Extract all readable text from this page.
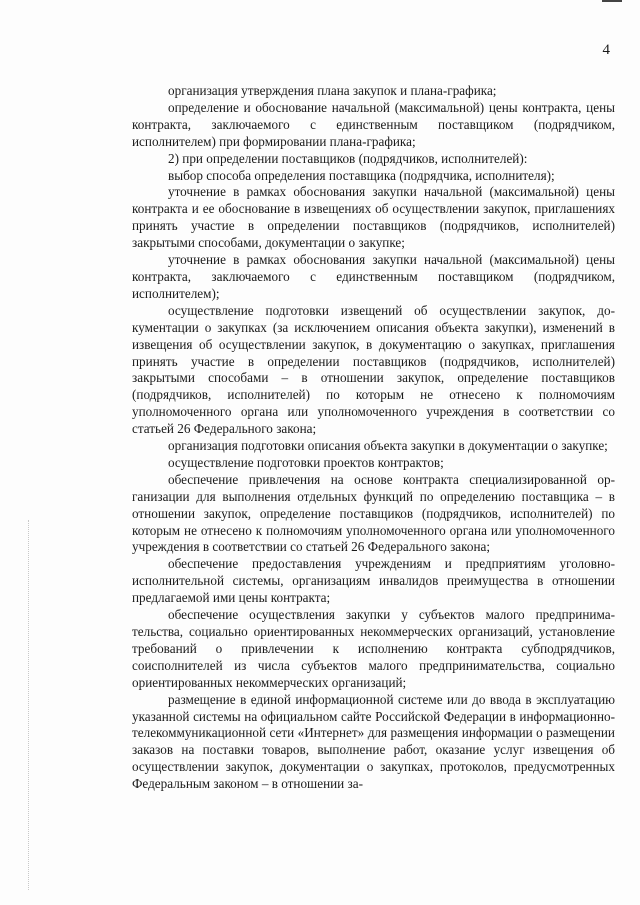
4

организация утверждения плана закупок и плана-графика;

определение и обоснование начальной (максимальной) цены контракта, цены контракта, заключаемого с единственным поставщиком (подрядчиком, исполнителем) при формировании плана-графика;

2) при определении поставщиков (подрядчиков, исполнителей):

выбор способа определения поставщика (подрядчика, исполнителя);

уточнение в рамках обоснования закупки начальной (максимальной) цены контракта и ее обоснование в извещениях об осуществлении закупок, приглашениях принять участие в определении поставщиков (подрядчиков, исполнителей) закрытыми способами, документации о закупке;

уточнение в рамках обоснования закупки начальной (максимальной) цены контракта, заключаемого с единственным поставщиком (подрядчиком, исполнителем);

осуществление подготовки извещений об осуществлении закупок, документации о закупках (за исключением описания объекта закупки), изменений в извещения об осуществлении закупок, в документацию о закупках, приглашения принять участие в определении поставщиков (подрядчиков, исполнителей) закрытыми способами – в отношении закупок, определение поставщиков (подрядчиков, исполнителей) по которым не отнесено к полномочиям уполномоченного органа или уполномоченного учреждения в соответствии со статьей 26 Федерального закона;

организация подготовки описания объекта закупки в документации о закупке;

осуществление подготовки проектов контрактов;

обеспечение привлечения на основе контракта специализированной организации для выполнения отдельных функций по определению поставщика – в отношении закупок, определение поставщиков (подрядчиков, исполнителей) по которым не отнесено к полномочиям уполномоченного органа или уполномоченного учреждения в соответствии со статьей 26 Федерального закона;

обеспечение предоставления учреждениям и предприятиям уголовно-исполнительной системы, организациям инвалидов преимущества в отношении предлагаемой ими цены контракта;

обеспечение осуществления закупки у субъектов малого предпринимательства, социально ориентированных некоммерческих организаций, установление требований о привлечении к исполнению контракта субподрядчиков, соисполнителей из числа субъектов малого предпринимательства, социально ориентированных некоммерческих организаций;

размещение в единой информационной системе или до ввода в эксплуатацию указанной системы на официальном сайте Российской Федерации в информационно-телекоммуникационной сети «Интернет» для размещения информации о размещении заказов на поставки товаров, выполнение работ, оказание услуг извещения об осуществлении закупок, документации о закупках, протоколов, предусмотренных Федеральным законом – в отношении за-
